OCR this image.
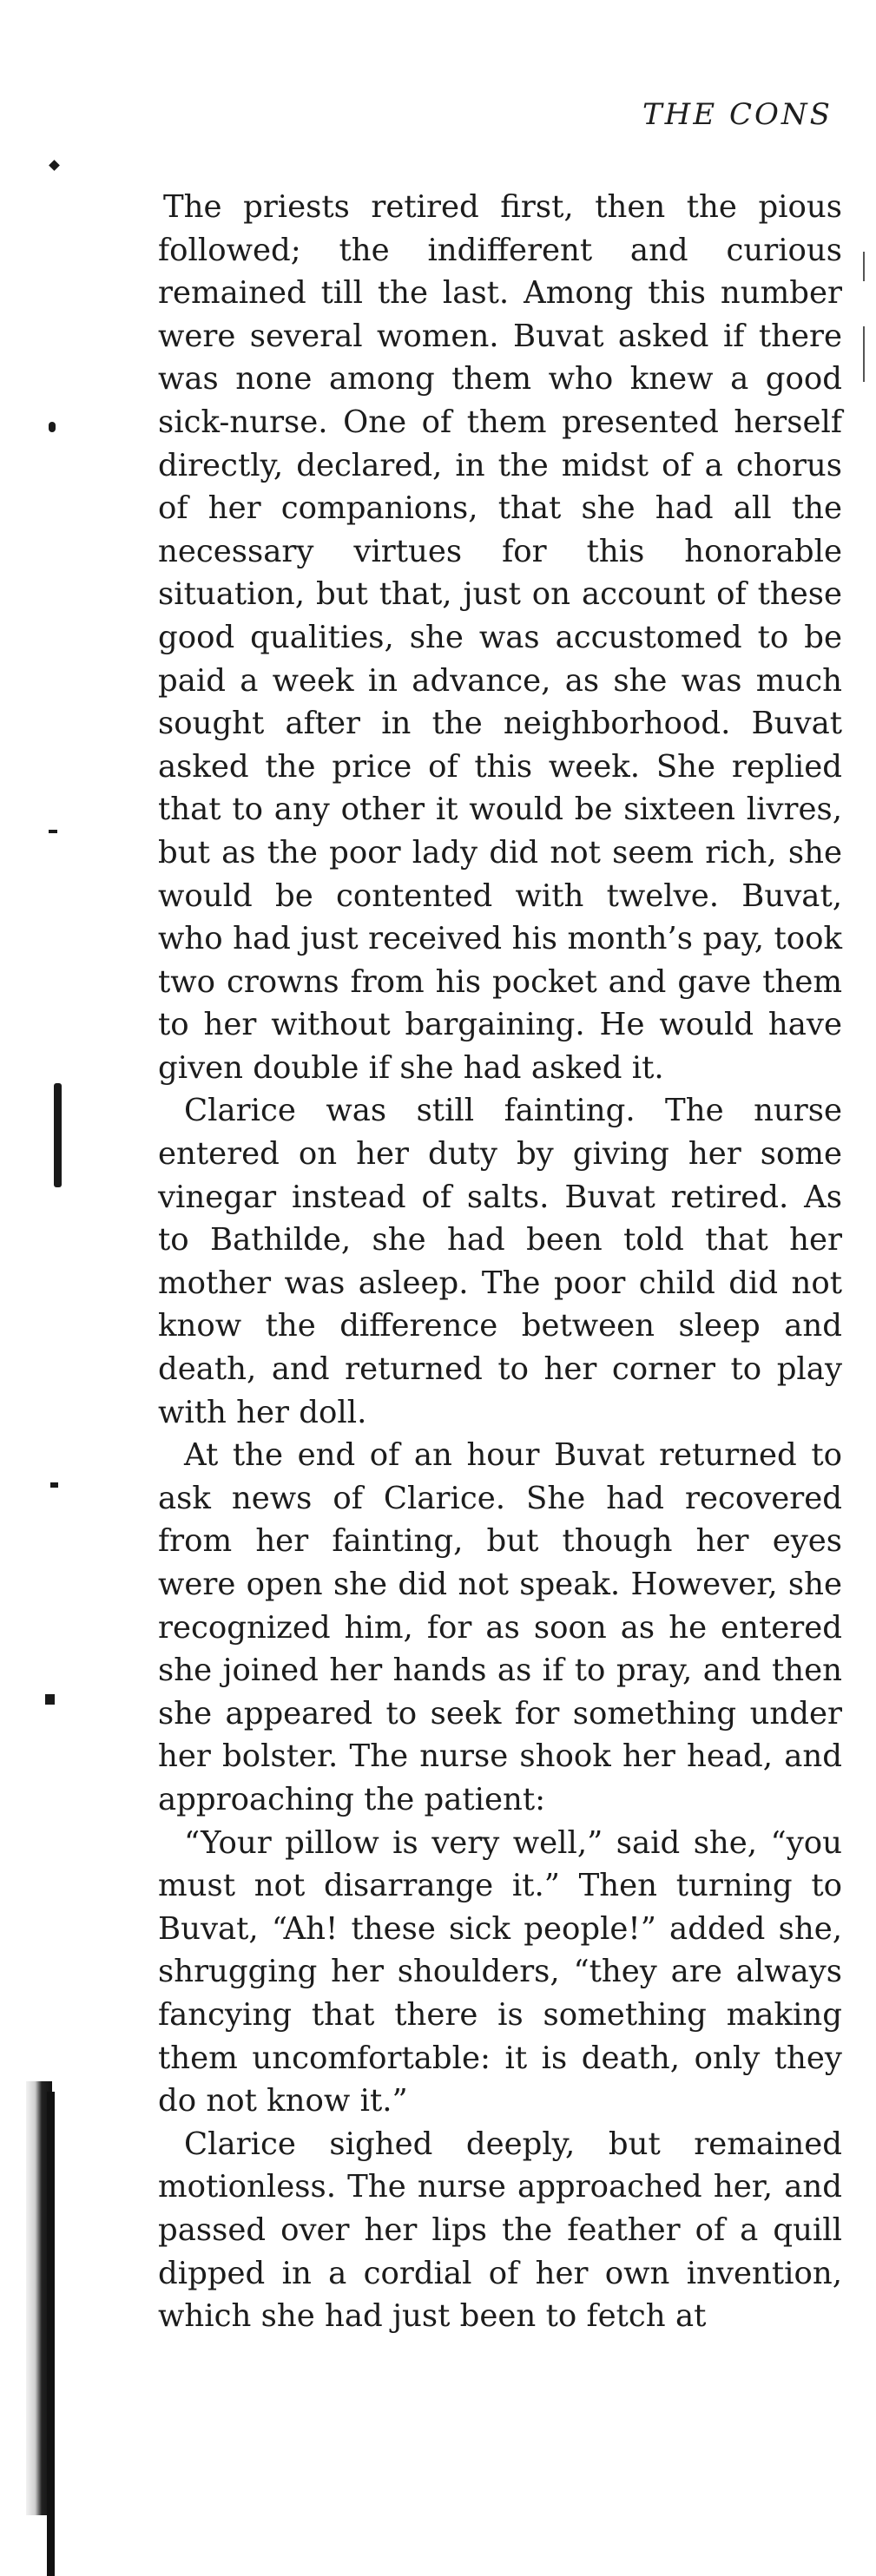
THE CONS

The priests retired first, then the pious followed; the indifferent and curious remained till the last. Among this number were several women. Buvat asked if there was none among them who knew a good sick-nurse. One of them presented herself directly, declared, in the midst of a chorus of her companions, that she had all the necessary virtues for this honorable situation, but that, just on account of these good qualities, she was accustomed to be paid a week in advance, as she was much sought after in the neighborhood. Buvat asked the price of this week. She replied that to any other it would be sixteen livres, but as the poor lady did not seem rich, she would be contented with twelve. Buvat, who had just received his month’s pay, took two crowns from his pocket and gave them to her without bargaining. He would have given double if she had asked it.

Clarice was still fainting. The nurse entered on her duty by giving her some vinegar instead of salts. Buvat retired. As to Bathilde, she had been told that her mother was asleep. The poor child did not know the difference between sleep and death, and returned to her corner to play with her doll.

At the end of an hour Buvat returned to ask news of Clarice. She had recovered from her fainting, but though her eyes were open she did not speak. However, she recognized him, for as soon as he entered she joined her hands as if to pray, and then she appeared to seek for something under her bolster. The nurse shook her head, and approaching the patient:

“Your pillow is very well,” said she, “you must not disarrange it.” Then turning to Buvat, “Ah! these sick people!” added she, shrugging her shoulders, “they are always fancying that there is something making them uncomfortable: it is death, only they do not know it.”

Clarice sighed deeply, but remained motionless. The nurse approached her, and passed over her lips the feather of a quill dipped in a cordial of her own invention, which she had just been to fetch at
